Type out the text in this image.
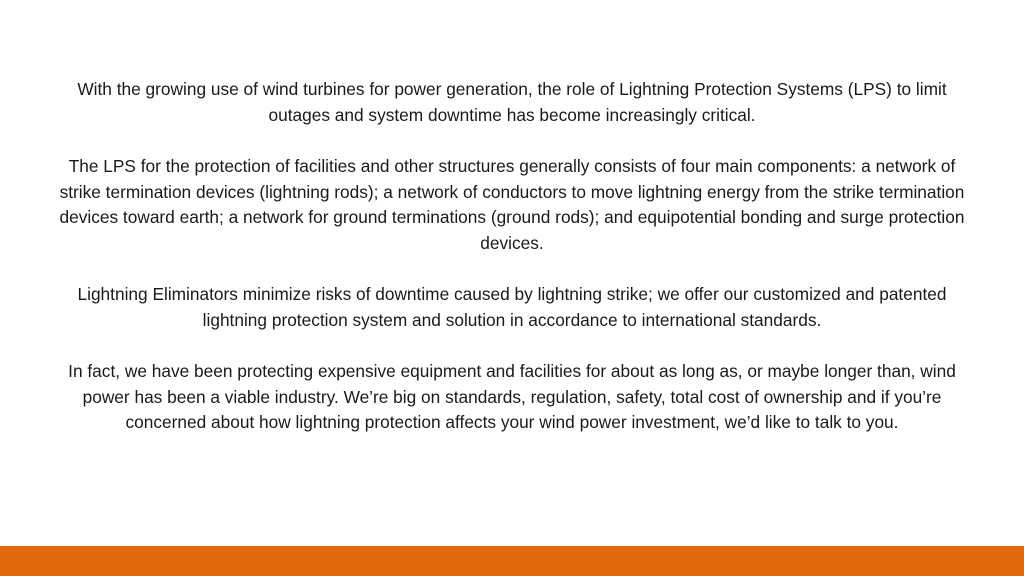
With the growing use of wind turbines for power generation, the role of Lightning Protection Systems (LPS) to limit outages and system downtime has become increasingly critical.

The LPS for the protection of facilities and other structures generally consists of four main components: a network of strike termination devices (lightning rods); a network of conductors to move lightning energy from the strike termination devices toward earth; a network for ground terminations (ground rods); and equipotential bonding and surge protection devices.

Lightning Eliminators minimize risks of downtime caused by lightning strike; we offer our customized and patented lightning protection system and solution in accordance to international standards.

In fact, we have been protecting expensive equipment and facilities for about as long as, or maybe longer than, wind power has been a viable industry. We’re big on standards, regulation, safety, total cost of ownership and if you’re concerned about how lightning protection affects your wind power investment, we’d like to talk to you.
